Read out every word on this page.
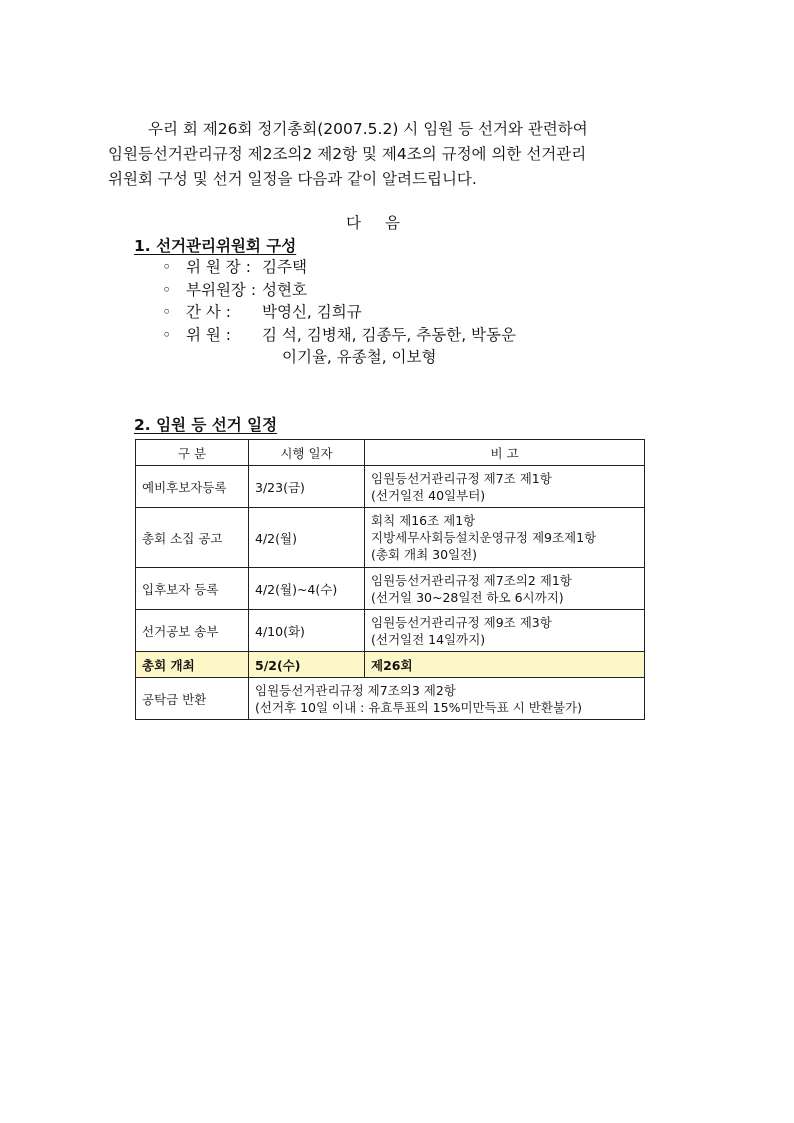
우리 회 제26회 정기총회(2007.5.2) 시 임원 등 선거와 관련하여

임원등선거관리규정 제2조의2 제2항 및 제4조의 규정에 의한 선거관리

위원회 구성 및 선거 일정을 다음과 같이 알려드립니다.

다음
1. 선거관리위원회 구성
◦ 위 원 장 : 김주택
◦ 부위원장 : 성현호
◦ 간 사 :	박영신, 김희규
◦ 위 원 :	김 석, 김병채, 김종두, 추동한, 박동운
이기율, 유종철, 이보형
2. 임원 등 선거 일정
구 분	시행 일자	비 고
예비후보자등록	3/23(금)	임원등선거관리규정 제7조 제1항
(선거일전 40일부터)

총회 소집 공고	4/2(월)	회칙 제16조 제1항
지방세무사회등설치운영규정 제9조제1항
(총회 개최 30일전)

입후보자 등록	4/2(월)~4(수)	임원등선거관리규정 제7조의2 제1항
(선거일 30~28일전 하오 6시까지)

선거공보 송부	4/10(화)	임원등선거관리규정 제9조 제3항
(선거일전 14일까지)

총회 개최	5/2(수)	제26회
공탁금 반환	임원등선거관리규정 제7조의3 제2항
(선거후 10일 이내 : 유효투표의 15%미만득표 시 반환불가)	
